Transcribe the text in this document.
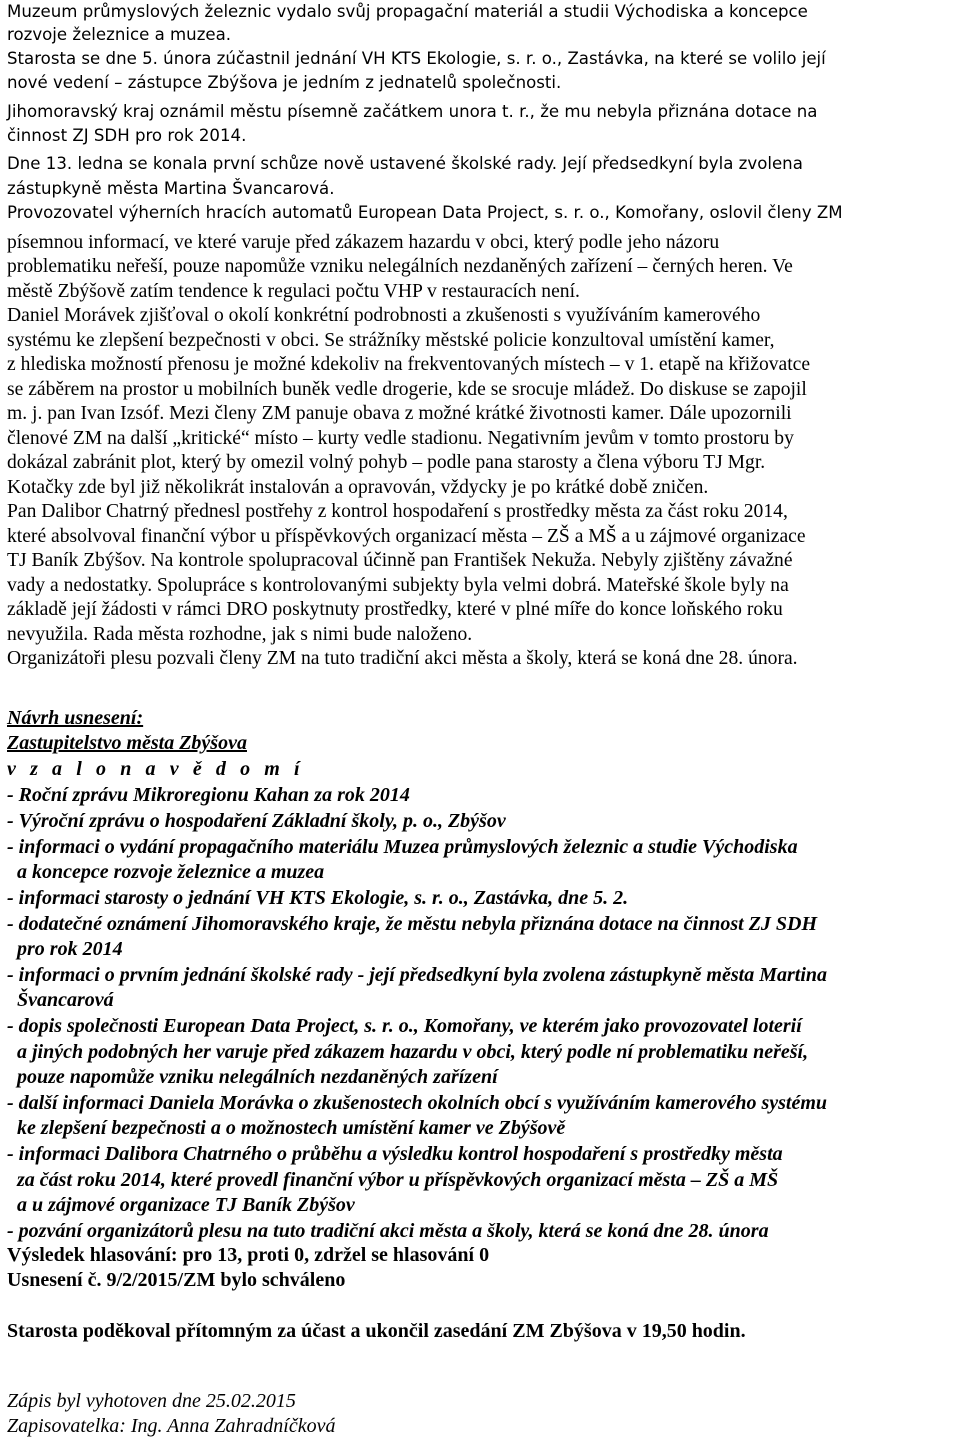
Muzeum průmyslových železnic vydalo svůj propagační materiál a studii Východiska a koncepce
rozvoje železnice a muzea.
Starosta se dne 5. února zúčastnil jednání VH KTS Ekologie, s. r. o., Zastávka, na které se volilo její
nové vedení – zástupce Zbýšova je jedním z jednatelů společnosti.
Jihomoravský kraj oznámil městu písemně začátkem unora t. r., že mu nebyla přiznána dotace na
činnost ZJ SDH pro rok 2014.
Dne 13. ledna se konala první schůze nově ustavené školské rady. Její předsedkyní byla zvolena
zástupkyně města Martina Švancarová.
Provozovatel výherních hracích automatů European Data Project, s. r. o., Komořany, oslovil členy ZM
písemnou informací, ve které varuje před zákazem hazardu v obci, který podle jeho názoru
problematiku neřeší, pouze napomůže vzniku nelegálních nezdaněných zařízení – černých heren. Ve
městě Zbýšově zatím tendence k regulaci počtu VHP v restauracích není.
Daniel Morávek zjišťoval o okolí konkrétní podrobnosti a zkušenosti s využíváním kamerového
systému ke zlepšení bezpečnosti v obci. Se strážníky městské policie konzultoval umístění kamer,
z hlediska možností přenosu je možné kdekoliv na frekventovaných místech – v 1. etapě na křižovatce
se záběrem na prostor u mobilních buněk vedle drogerie, kde se srocuje mládež. Do diskuse se zapojil
m. j. pan Ivan Izsóf. Mezi členy ZM panuje obava z možné krátké životnosti kamer. Dále upozornili
členové ZM na další „kritické“ místo – kurty vedle stadionu. Negativním jevům v tomto prostoru by
dokázal zabránit plot, který by omezil volný pohyb – podle pana starosty a člena výboru TJ Mgr.
Kotačky zde byl již několikrát instalován a opravován, vždycky je po krátké době zničen.
Pan Dalibor Chatrný přednesl postřehy z kontrol hospodaření s prostředky města za část roku 2014,
které absolvoval finanční výbor u příspěvkových organizací města – ZŠ a MŠ a u zájmové organizace
TJ Baník Zbýšov. Na kontrole spolupracoval účinně pan František Nekuža. Nebyly zjištěny závažné
vady a nedostatky. Spolupráce s kontrolovanými subjekty byla velmi dobrá. Mateřské škole byly na
základě její žádosti v rámci DRO poskytnuty prostředky, které v plné míře do konce loňského roku
nevyužila. Rada města rozhodne, jak s nimi bude naloženo.
Organizátoři plesu pozvali členy ZM na tuto tradiční akci města a školy, která se koná dne 28. února.
Návrh usnesení:
Zastupitelstvo města Zbýšova
v z a l o n a v ě d o m í
- Roční zprávu Mikroregionu Kahan za rok 2014
- Výroční zprávu o hospodaření Základní školy, p. o., Zbýšov
- informaci o vydání propagačního materiálu Muzea průmyslových železnic a studie Východiska
a koncepce rozvoje železnice a muzea
- informaci starosty o jednání VH KTS Ekologie, s. r. o., Zastávka, dne 5. 2.
- dodatečné oznámení Jihomoravského kraje, že městu nebyla přiznána dotace na činnost ZJ SDH
pro rok 2014
- informaci o prvním jednání školské rady - její předsedkyní byla zvolena zástupkyně města Martina
Švancarová
- dopis společnosti European Data Project, s. r. o., Komořany, ve kterém jako provozovatel loterií
a jiných podobných her varuje před zákazem hazardu v obci, který podle ní problematiku neřeší,
pouze napomůže vzniku nelegálních nezdaněných zařízení
- další informaci Daniela Morávka o zkušenostech okolních obcí s využíváním kamerového systému
ke zlepšení bezpečnosti a o možnostech umístění kamer ve Zbýšově
- informaci Dalibora Chatrného o průběhu a výsledku kontrol hospodaření s prostředky města
za část roku 2014, které provedl finanční výbor u příspěvkových organizací města – ZŠ a MŠ
a u zájmové organizace TJ Baník Zbýšov
- pozvání organizátorů plesu na tuto tradiční akci města a školy, která se koná dne 28. února
Výsledek hlasování: pro 13, proti 0, zdržel se hlasování 0
Usnesení č. 9/2/2015/ZM bylo schváleno
Starosta poděkoval přítomným za účast a ukončil zasedání ZM Zbýšova v 19,50 hodin.
Zápis byl vyhotoven dne 25.02.2015
Zapisovatelka: Ing. Anna Zahradníčková
